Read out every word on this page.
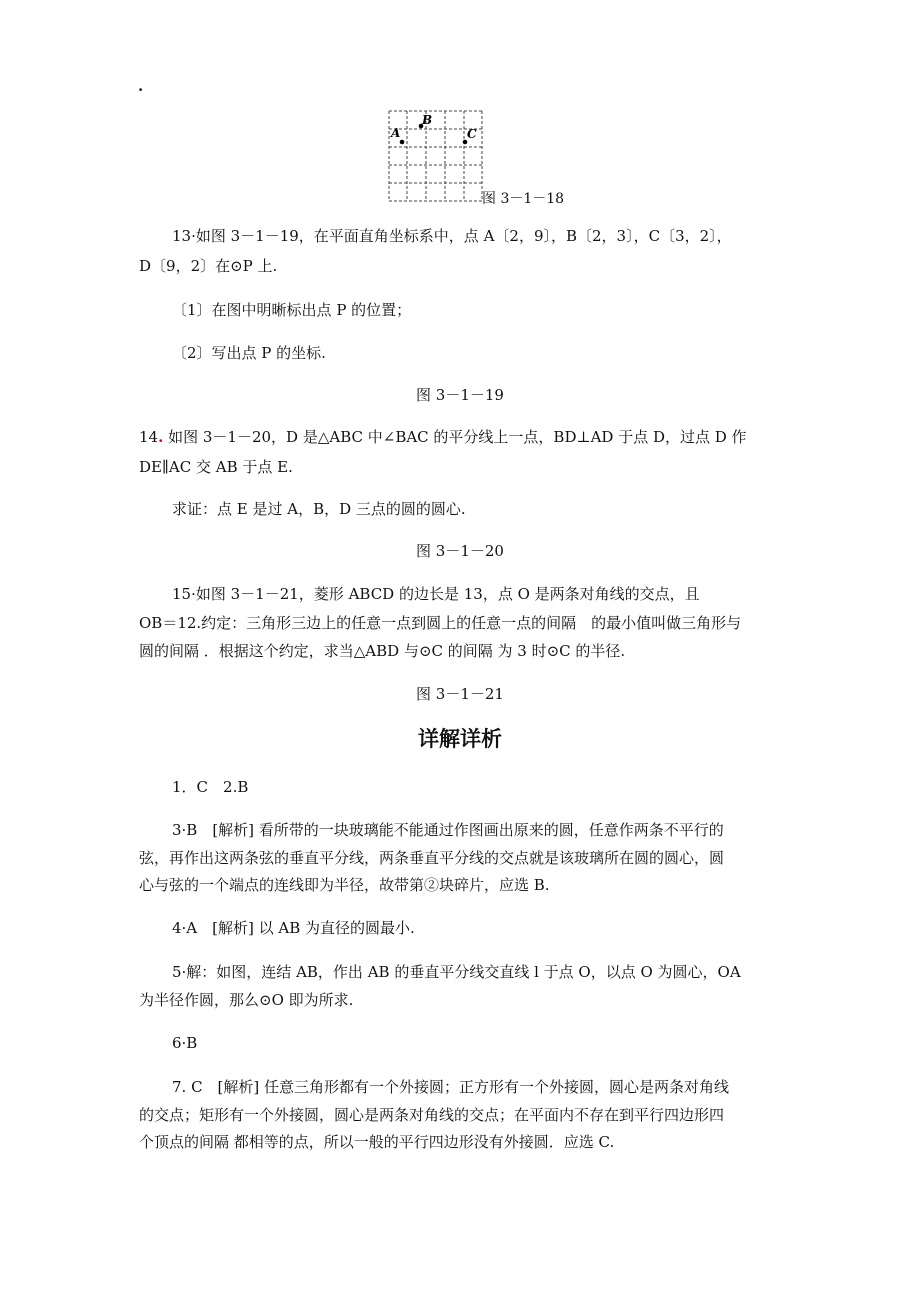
.
A
B
C
图 3－1－18
13·如图 3－1－19，在平面直角坐标系中，点 A〔2，9〕，B〔2，3〕，C〔3，2〕，
D〔9，2〕在⊙P 上.
〔1〕在图中明晰标出点 P 的位置；
〔2〕写出点 P 的坐标.
图 3－1－19
14. 如图 3－1－20，D 是△ABC 中∠BAC 的平分线上一点，BD⊥AD 于点 D，过点 D 作
DE∥AC 交 AB 于点 E.
求证：点 E 是过 A，B，D 三点的圆的圆心.
图 3－1－20
15·如图 3－1－21，菱形 ABCD 的边长是 13，点 O 是两条对角线的交点，且
OB＝12.约定：三角形三边上的任意一点到圆上的任意一点的间隔　的最小值叫做三角形与
圆的间隔 ．根据这个约定，求当△ABD 与⊙C 的间隔 为 3 时⊙C 的半径.
图 3－1－21
详解详析
1．C　2.B
3·B　[解析] 看所带的一块玻璃能不能通过作图画出原来的圆，任意作两条不平行的
弦，再作出这两条弦的垂直平分线，两条垂直平分线的交点就是该玻璃所在圆的圆心，圆
心与弦的一个端点的连线即为半径，故带第②块碎片，应选 B.
4·A　[解析] 以 AB 为直径的圆最小.
5·解：如图，连结 AB，作出 AB 的垂直平分线交直线 l 于点 O，以点 O 为圆心，OA
为半径作圆，那么⊙O 即为所求.
6·B
7. C　[解析] 任意三角形都有一个外接圆；正方形有一个外接圆，圆心是两条对角线
的交点；矩形有一个外接圆，圆心是两条对角线的交点；在平面内不存在到平行四边形四
个顶点的间隔 都相等的点，所以一般的平行四边形没有外接圆．应选 C.
